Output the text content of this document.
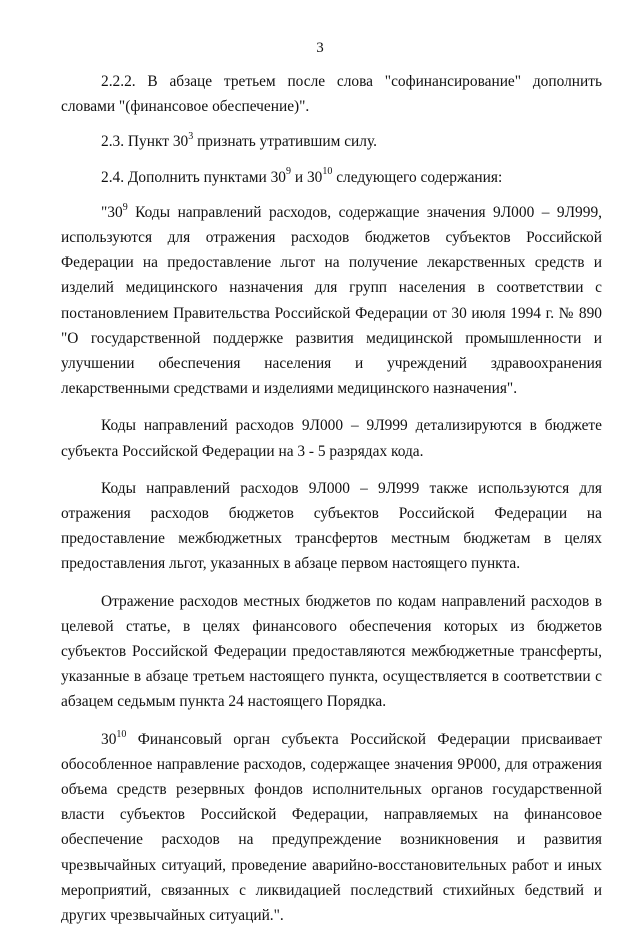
3

2.2.2. В абзаце третьем после слова "софинансирование" дополнить словами "(финансовое обеспечение)".

2.3. Пункт $30^3$ признать утратившим силу.

2.4. Дополнить пунктами $30^9$ и $30^{10}$ следующего содержания:

"$30^9$ Коды направлений расходов, содержащие значения 9Л000 – 9Л999, используются для отражения расходов бюджетов субъектов Российской Федерации на предоставление льгот на получение лекарственных средств и изделий медицинского назначения для групп населения в соответствии с постановлением Правительства Российской Федерации от 30 июля 1994 г. № 890 "О государственной поддержке развития медицинской промышленности и улучшении обеспечения населения и учреждений здравоохранения лекарственными средствами и изделиями медицинского назначения".

Коды направлений расходов 9Л000 – 9Л999 детализируются в бюджете субъекта Российской Федерации на 3 - 5 разрядах кода.

Коды направлений расходов 9Л000 – 9Л999 также используются для отражения расходов бюджетов субъектов Российской Федерации на предоставление межбюджетных трансфертов местным бюджетам в целях предоставления льгот, указанных в абзаце первом настоящего пункта.

Отражение расходов местных бюджетов по кодам направлений расходов в целевой статье, в целях финансового обеспечения которых из бюджетов субъектов Российской Федерации предоставляются межбюджетные трансферты, указанные в абзаце третьем настоящего пункта, осуществляется в соответствии с абзацем седьмым пункта 24 настоящего Порядка.

$30^{10}$ Финансовый орган субъекта Российской Федерации присваивает обособленное направление расходов, содержащее значения 9Р000, для отражения объема средств резервных фондов исполнительных органов государственной власти субъектов Российской Федерации, направляемых на финансовое обеспечение расходов на предупреждение возникновения и развития чрезвычайных ситуаций, проведение аварийно-восстановительных работ и иных мероприятий, связанных с ликвидацией последствий стихийных бедствий и других чрезвычайных ситуаций.".
